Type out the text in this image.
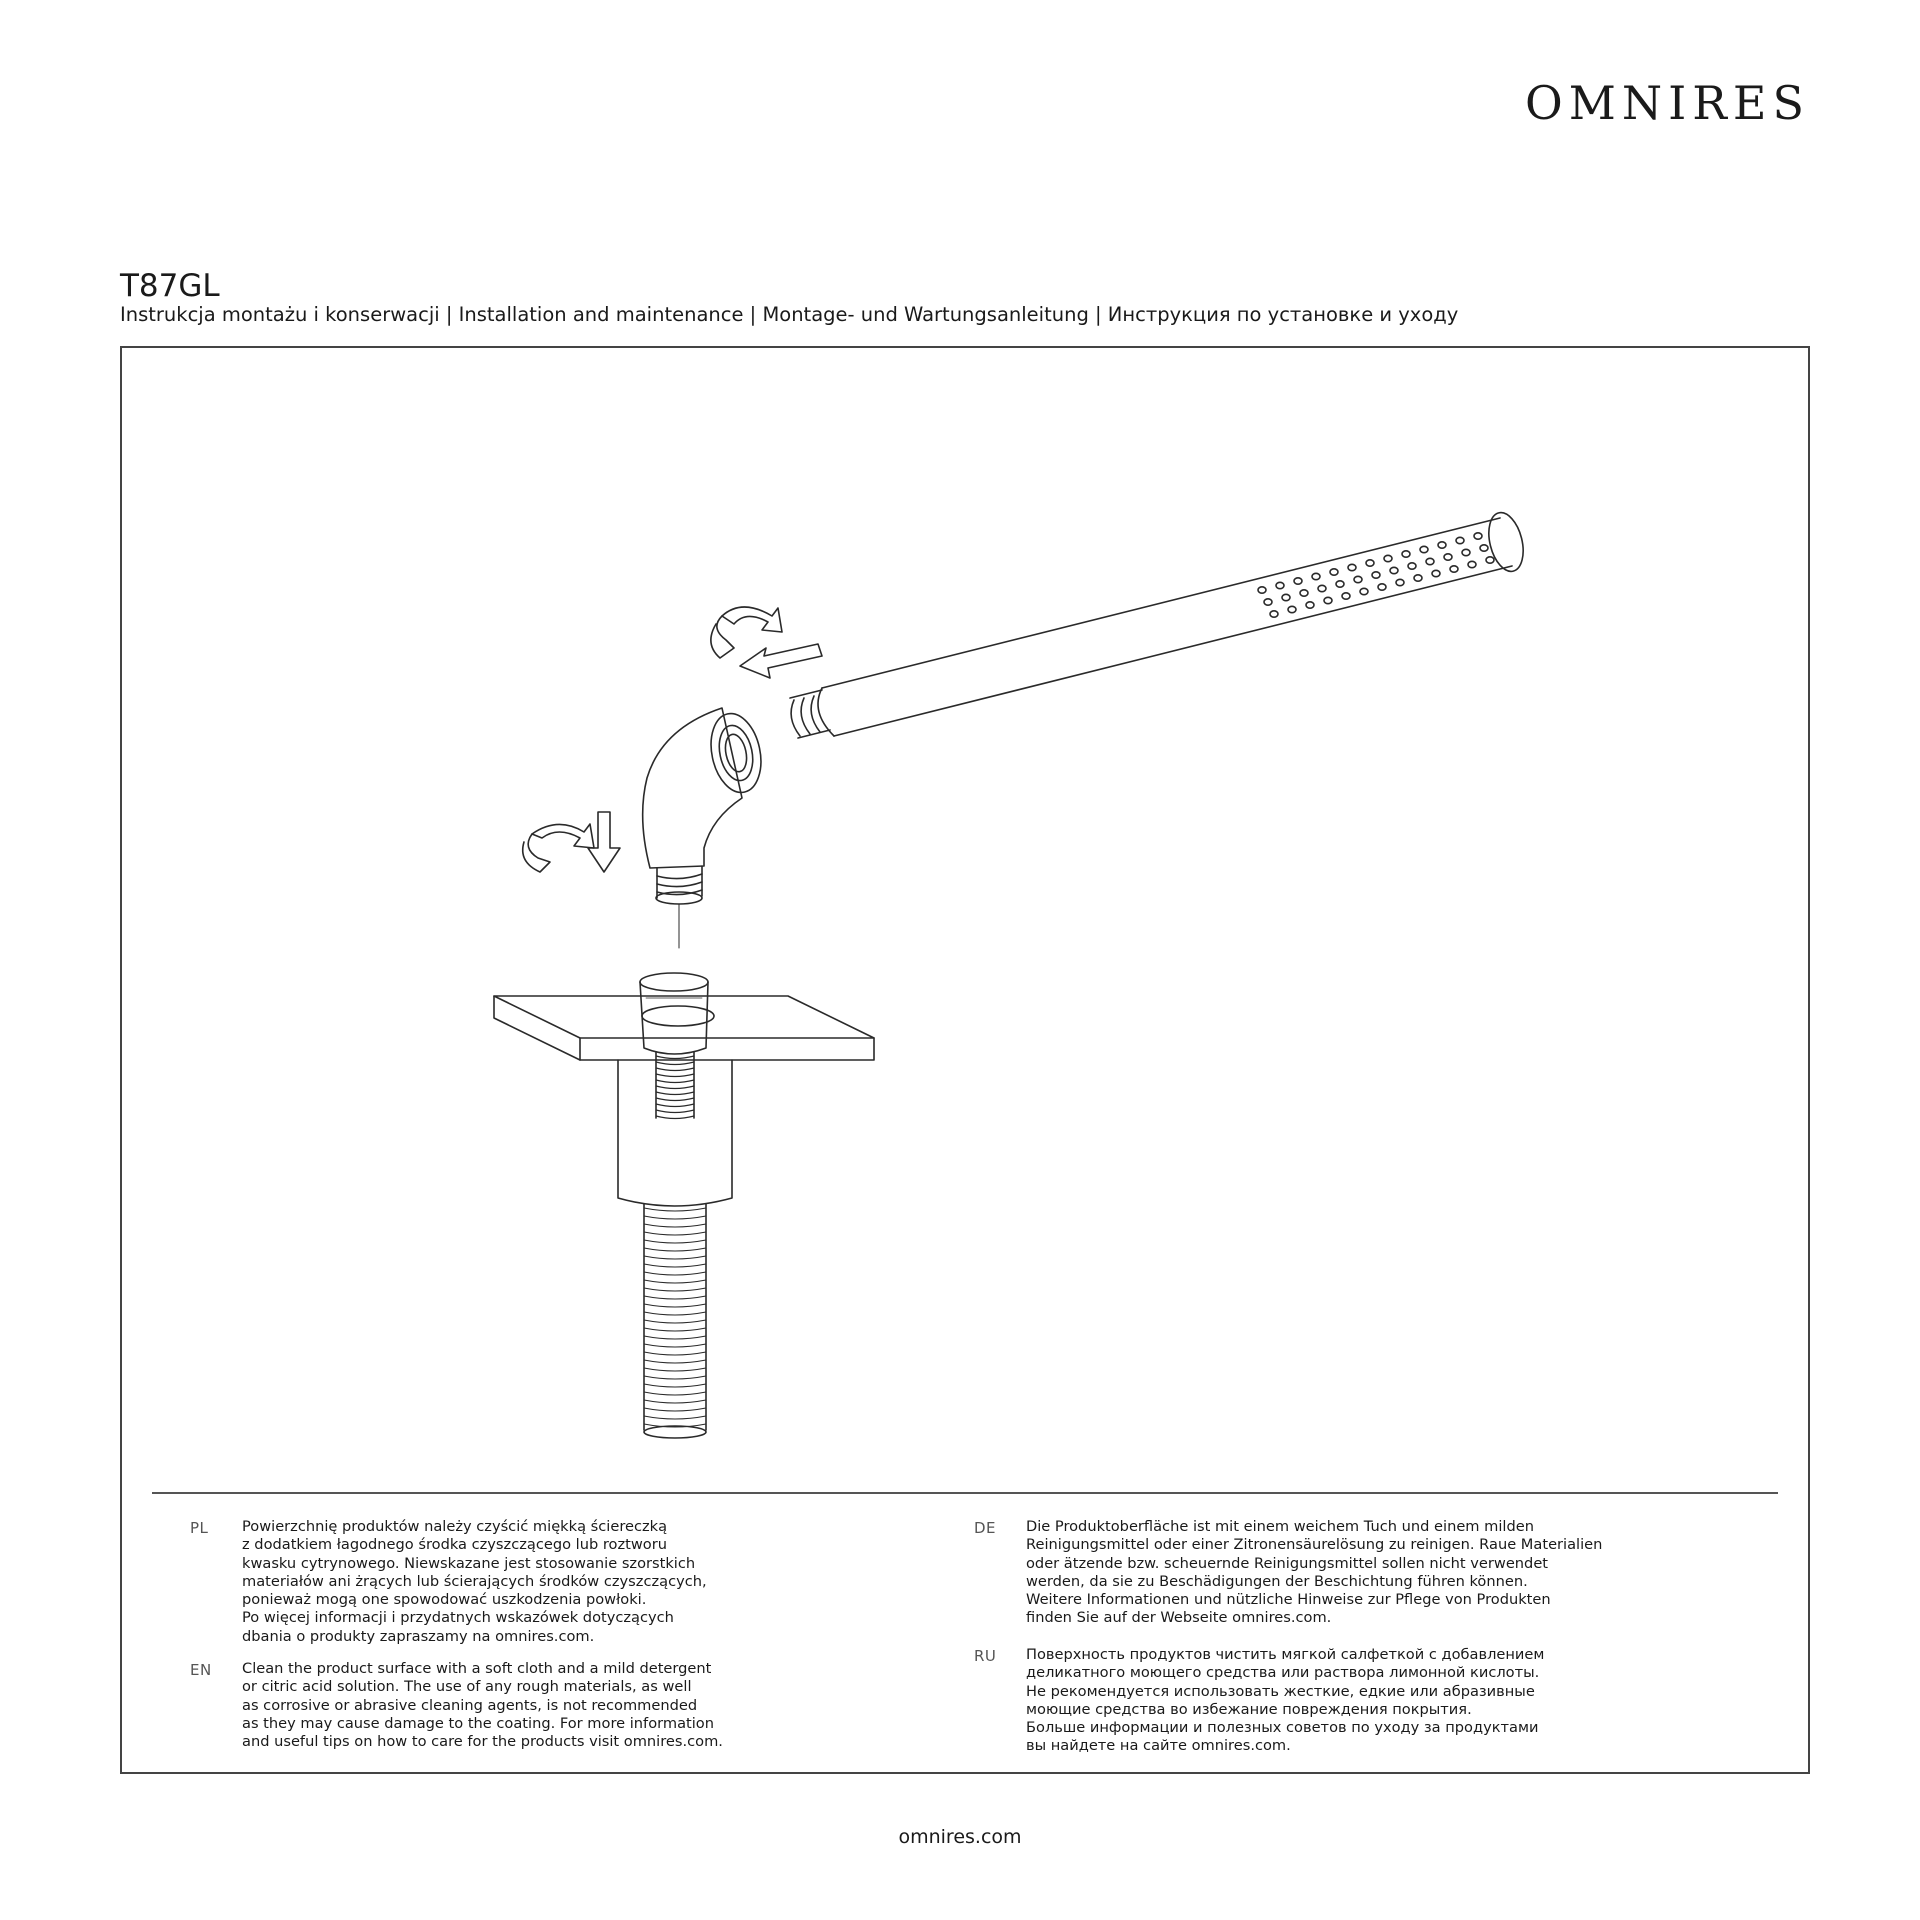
OMNIRES
T87GL
Instrukcja montażu i konserwacji | Installation and maintenance | Montage- und Wartungsanleitung | Инструкция по установке и уходу
PL	Powierzchnię produktów należy czyścić miękką ściereczką
z dodatkiem łagodnego środka czyszczącego lub roztworu
kwasku cytrynowego. Niewskazane jest stosowanie szorstkich
materiałów ani żrących lub ścierających środków czyszczących,
ponieważ mogą one spowodować uszkodzenia powłoki.
Po więcej informacji i przydatnych wskazówek dotyczących
dbania o produkty zapraszamy na omnires.com.
EN	Clean the product surface with a soft cloth and a mild detergent
or citric acid solution. The use of any rough materials, as well
as corrosive or abrasive cleaning agents, is not recommended
as they may cause damage to the coating. For more information
and useful tips on how to care for the products visit omnires.com.
DE	Die Produktoberfläche ist mit einem weichem Tuch und einem milden
Reinigungsmittel oder einer Zitronensäurelösung zu reinigen. Raue Materialien
oder ätzende bzw. scheuernde Reinigungsmittel sollen nicht verwendet
werden, da sie zu Beschädigungen der Beschichtung führen können.
Weitere Informationen und nützliche Hinweise zur Pflege von Produkten
finden Sie auf der Webseite omnires.com.
RU	Поверхность продуктов чистить мягкой салфеткой с добавлением
деликатного моющего средства или раствора лимонной кислоты.
Не рекомендуется использовать жесткие, едкие или абразивные
моющие средства во избежание повреждения покрытия.
Больше информации и полезных советов по уходу за продуктами
вы найдете на сайте omnires.com.
omnires.com
